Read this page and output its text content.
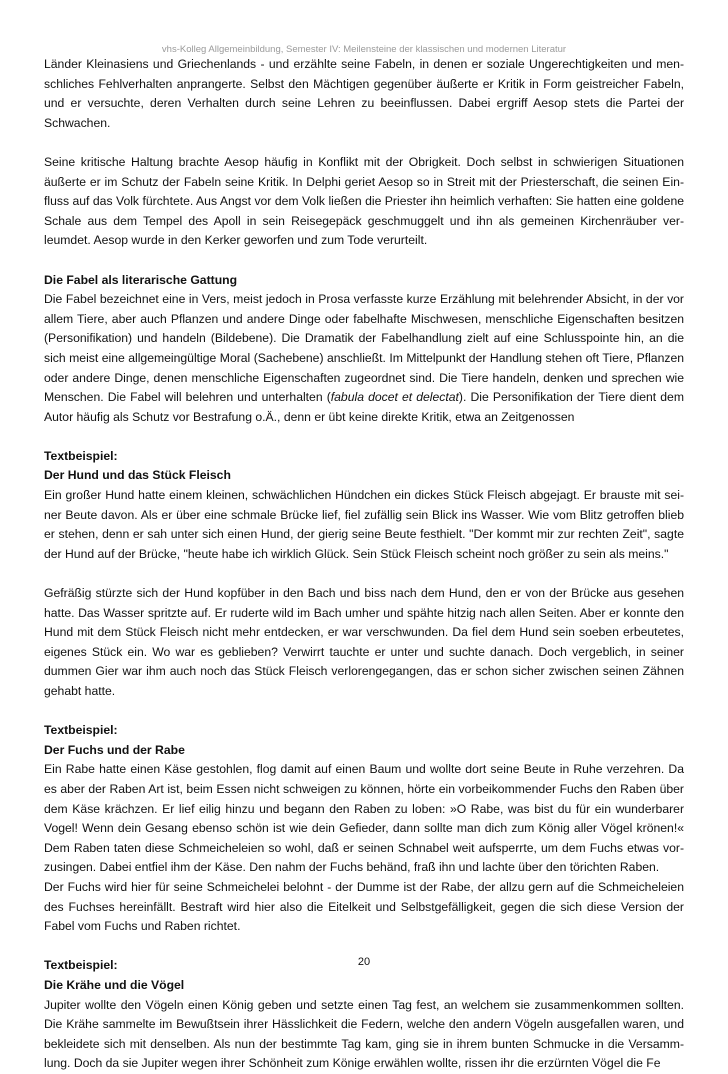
vhs-Kolleg Allgemeinbildung, Semester IV: Meilensteine der klassischen und modernen Literatur

Länder Kleinasiens und Griechenlands - und erzählte seine Fabeln, in denen er soziale Ungerechtigkeiten und menschliches Fehlverhalten anprangerte. Selbst den Mächtigen gegenüber äußerte er Kritik in Form geistreicher Fabeln, und er versuchte, deren Verhalten durch seine Lehren zu beeinflussen. Dabei ergriff Aesop stets die Partei der Schwachen.

Seine kritische Haltung brachte Aesop häufig in Konflikt mit der Obrigkeit. Doch selbst in schwierigen Situationen äußerte er im Schutz der Fabeln seine Kritik. In Delphi geriet Aesop so in Streit mit der Priesterschaft, die seinen Einfluss auf das Volk fürchtete. Aus Angst vor dem Volk ließen die Priester ihn heimlich verhaften: Sie hatten eine goldene Schale aus dem Tempel des Apoll in sein Reisegepäck geschmuggelt und ihn als gemeinen Kirchenräuber verleumdet. Aesop wurde in den Kerker geworfen und zum Tode verurteilt.

Die Fabel als literarische Gattung
Die Fabel bezeichnet eine in Vers, meist jedoch in Prosa verfasste kurze Erzählung mit belehrender Absicht, in der vor allem Tiere, aber auch Pflanzen und andere Dinge oder fabelhafte Mischwesen, menschliche Eigenschaften besitzen (Personifikation) und handeln (Bildebene). Die Dramatik der Fabelhandlung zielt auf eine Schlusspointe hin, an die sich meist eine allgemeingültige Moral (Sachebene) anschließt. Im Mittelpunkt der Handlung stehen oft Tiere, Pflanzen oder andere Dinge, denen menschliche Eigenschaften zugeordnet sind. Die Tiere handeln, denken und sprechen wie Menschen. Die Fabel will belehren und unterhalten (fabula docet et delectat). Die Personifikation der Tiere dient dem Autor häufig als Schutz vor Bestrafung o.Ä., denn er übt keine direkte Kritik, etwa an Zeitgenossen

Textbeispiel:
Der Hund und das Stück Fleisch
Ein großer Hund hatte einem kleinen, schwächlichen Hündchen ein dickes Stück Fleisch abgejagt. Er brauste mit seiner Beute davon. Als er über eine schmale Brücke lief, fiel zufällig sein Blick ins Wasser. Wie vom Blitz getroffen blieb er stehen, denn er sah unter sich einen Hund, der gierig seine Beute festhielt. "Der kommt mir zur rechten Zeit", sagte der Hund auf der Brücke, "heute habe ich wirklich Glück. Sein Stück Fleisch scheint noch größer zu sein als meins."

Gefräßig stürzte sich der Hund kopfüber in den Bach und biss nach dem Hund, den er von der Brücke aus gesehen hatte. Das Wasser spritzte auf. Er ruderte wild im Bach umher und spähte hitzig nach allen Seiten. Aber er konnte den Hund mit dem Stück Fleisch nicht mehr entdecken, er war verschwunden. Da fiel dem Hund sein soeben erbeutetes, eigenes Stück ein. Wo war es geblieben? Verwirrt tauchte er unter und suchte danach. Doch vergeblich, in seiner dummen Gier war ihm auch noch das Stück Fleisch verlorengegangen, das er schon sicher zwischen seinen Zähnen gehabt hatte.

Textbeispiel:
Der Fuchs und der Rabe
Ein Rabe hatte einen Käse gestohlen, flog damit auf einen Baum und wollte dort seine Beute in Ruhe verzehren. Da es aber der Raben Art ist, beim Essen nicht schweigen zu können, hörte ein vorbeikommender Fuchs den Raben über dem Käse krächzen. Er lief eilig hinzu und begann den Raben zu loben: »O Rabe, was bist du für ein wunderbarer Vogel! Wenn dein Gesang ebenso schön ist wie dein Gefieder, dann sollte man dich zum König aller Vögel krönen!« Dem Raben taten diese Schmeicheleien so wohl, daß er seinen Schnabel weit aufsperrte, um dem Fuchs etwas vorzusingen. Dabei entfiel ihm der Käse. Den nahm der Fuchs behänd, fraß ihn und lachte über den törichten Raben.

Der Fuchs wird hier für seine Schmeichelei belohnt - der Dumme ist der Rabe, der allzu gern auf die Schmeicheleien des Fuchses hereinfällt. Bestraft wird hier also die Eitelkeit und Selbstgefälligkeit, gegen die sich diese Version der Fabel vom Fuchs und Raben richtet.

Textbeispiel:
Die Krähe und die Vögel
Jupiter wollte den Vögeln einen König geben und setzte einen Tag fest, an welchem sie zusammenkommen sollten. Die Krähe sammelte im Bewußtsein ihrer Hässlichkeit die Federn, welche den andern Vögeln ausgefallen waren, und bekleidete sich mit denselben. Als nun der bestimmte Tag kam, ging sie in ihrem bunten Schmucke in die Versammlung. Doch da sie Jupiter wegen ihrer Schönheit zum Könige erwählen wollte, rissen ihr die erzürnten Vögel die Fe

20
